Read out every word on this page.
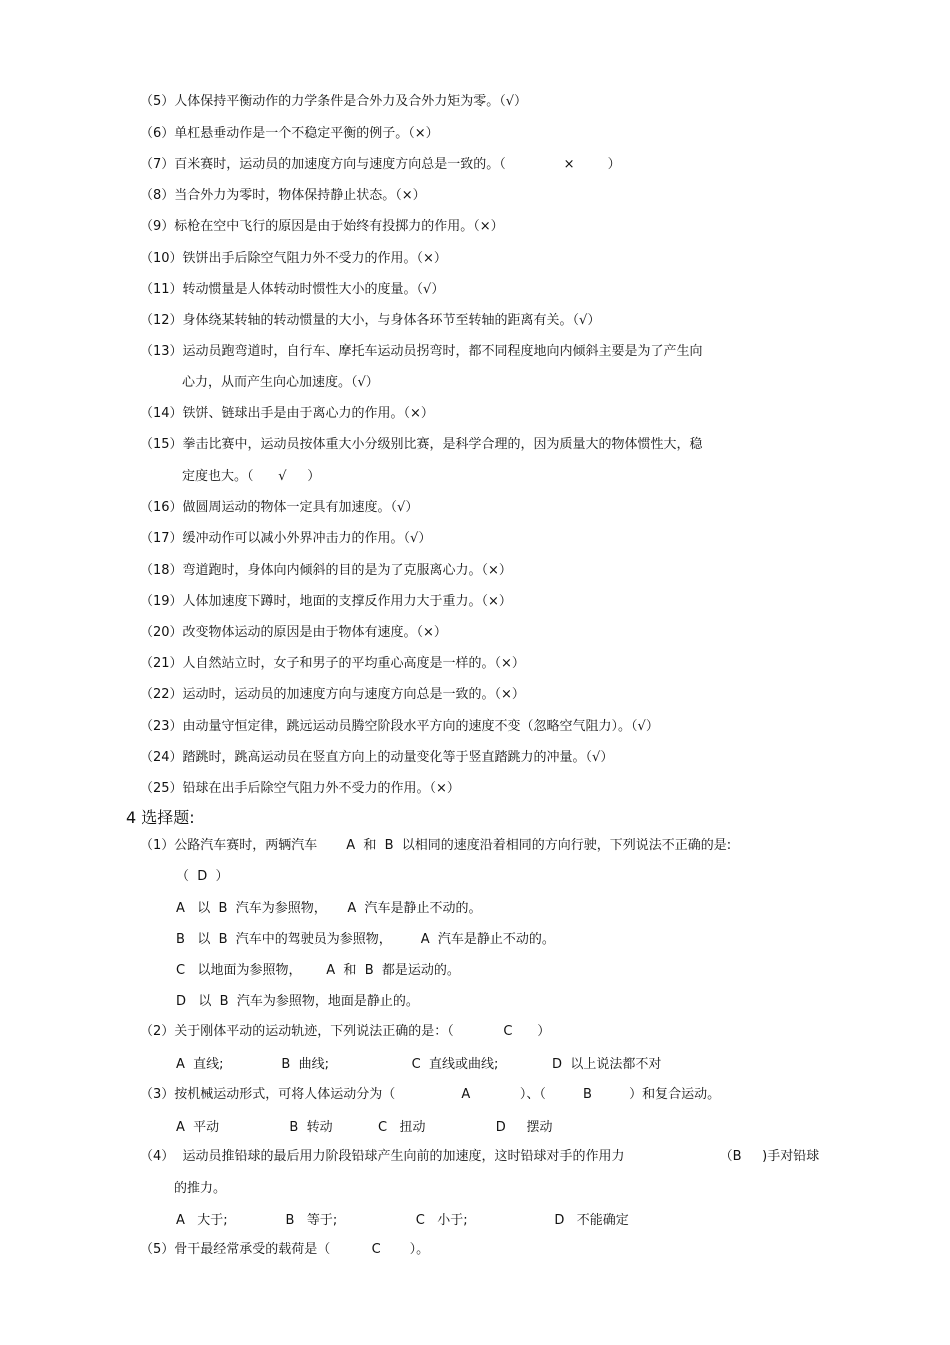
（5）人体保持平衡动作的力学条件是合外力及合外力矩为零。（√）
（6）单杠悬垂动作是一个不稳定平衡的例子。（×）
（7）百米赛时，运动员的加速度方向与速度方向总是一致的。（              ×        ）
（8）当合外力为零时，物体保持静止状态。（×）
（9）标枪在空中飞行的原因是由于始终有投掷力的作用。（×）
（10）铁饼出手后除空气阻力外不受力的作用。（×）
（11）转动惯量是人体转动时惯性大小的度量。（√）
（12）身体绕某转轴的转动惯量的大小，与身体各环节至转轴的距离有关。（√）
（13）运动员跑弯道时，自行车、摩托车运动员拐弯时，都不同程度地向内倾斜主要是为了产生向
心力，从而产生向心加速度。（√）
（14）铁饼、链球出手是由于离心力的作用。（×）
（15）拳击比赛中，运动员按体重大小分级别比赛，是科学合理的，因为质量大的物体惯性大，稳
定度也大。（      √     ）
（16）做圆周运动的物体一定具有加速度。（√）
（17）缓冲动作可以减小外界冲击力的作用。（√）
（18）弯道跑时，身体向内倾斜的目的是为了克服离心力。（×）
（19）人体加速度下蹲时，地面的支撑反作用力大于重力。（×）
（20）改变物体运动的原因是由于物体有速度。（×）
（21）人自然站立时，女子和男子的平均重心高度是一样的。（×）
（22）运动时，运动员的加速度方向与速度方向总是一致的。（×）
（23）由动量守恒定律，跳远运动员腾空阶段水平方向的速度不变（忽略空气阻力）。（√）
（24）踏跳时，跳高运动员在竖直方向上的动量变化等于竖直踏跳力的冲量。（√）
（25）铅球在出手后除空气阻力外不受力的作用。（×）
4 选择题:
（1）公路汽车赛时，两辆汽车       A  和  B  以相同的速度沿着相同的方向行驶，下列说法不正确的是:
（  D  ）
A   以  B  汽车为参照物，     A  汽车是静止不动的。
B   以  B  汽车中的驾驶员为参照物，       A  汽车是静止不动的。
C   以地面为参照物，      A  和  B  都是运动的。
D   以  B  汽车为参照物，地面是静止的。
（2）关于刚体平动的运动轨迹，下列说法正确的是：（            C      ）
A  直线;              B  曲线;                    C  直线或曲线;             D  以上说法都不对
（3）按机械运动形式，可将人体运动分为（                A            ）、（         B         ）和复合运动。
A  平动                 B  转动           C   扭动                 D     摆动
（4）  运动员推铅球的最后用力阶段铅球产生向前的加速度，这时铅球对手的作用力                       （B     )手对铅球
的推力。
A   大于;              B   等于;                   C   小于;                     D   不能确定
（5）骨干最经常承受的载荷是（          C       ）。
